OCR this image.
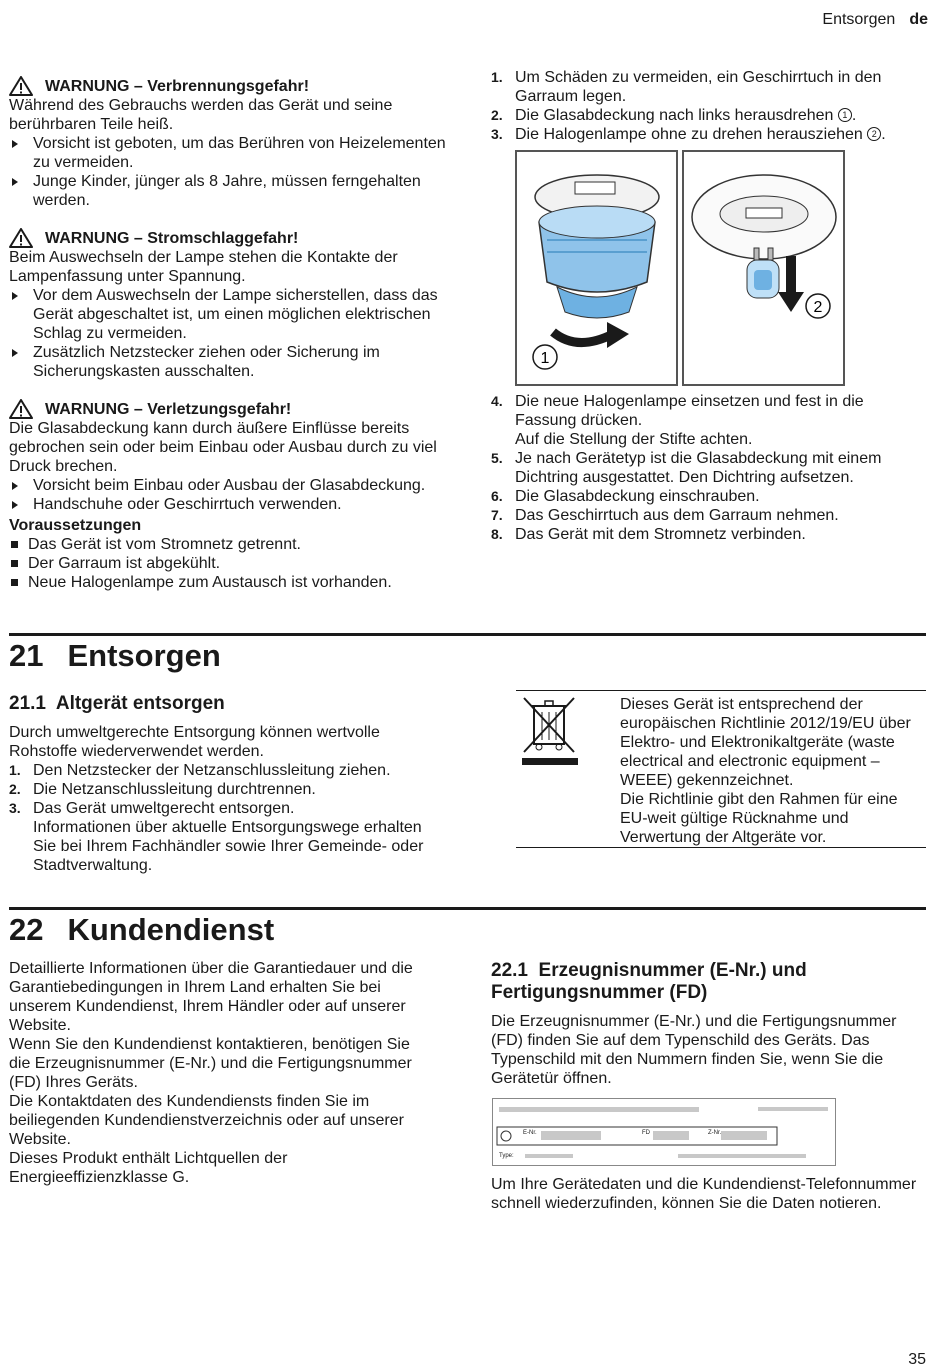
Entsorgen de

WARNUNG – Verbrennungsgefahr!

Während des Gebrauchs werden das Gerät und seine berührbaren Teile heiß.

Vorsicht ist geboten, um das Berühren von Heizelementen zu vermeiden.
Junge Kinder, jünger als 8 Jahre, müssen ferngehalten werden.

WARNUNG – Stromschlaggefahr!

Beim Auswechseln der Lampe stehen die Kontakte der Lampenfassung unter Spannung.

Vor dem Auswechseln der Lampe sicherstellen, dass das Gerät abgeschaltet ist, um einen möglichen elektrischen Schlag zu vermeiden.
Zusätzlich Netzstecker ziehen oder Sicherung im Sicherungskasten ausschalten.

WARNUNG – Verletzungsgefahr!

Die Glasabdeckung kann durch äußere Einflüsse bereits gebrochen sein oder beim Einbau oder Ausbau durch zu viel Druck brechen.

Vorsicht beim Einbau oder Ausbau der Glasabdeckung.
Handschuhe oder Geschirrtuch verwenden.

Voraussetzungen

Das Gerät ist vom Stromnetz getrennt.
Der Garraum ist abgekühlt.
Neue Halogenlampe zum Austausch ist vorhanden.
1. Um Schäden zu vermeiden, ein Geschirrtuch in den Garraum legen.
2. Die Glasabdeckung nach links herausdrehen 1 .
3. Die Halogenlampe ohne zu drehen herausziehen 2 .
1
2
4. Die neue Halogenlampe einsetzen und fest in die Fassung drücken.
Auf die Stellung der Stifte achten.
5. Je nach Gerätetyp ist die Glasabdeckung mit einem Dichtring ausgestattet. Den Dichtring aufsetzen.
6. Die Glasabdeckung einschrauben.
7. Das Geschirrtuch aus dem Garraum nehmen.
8. Das Gerät mit dem Stromnetz verbinden.
21 Entsorgen

21.1 Altgerät entsorgen

Durch umweltgerechte Entsorgung können wertvolle Rohstoffe wiederverwendet werden.

1. Den Netzstecker der Netzanschlussleitung ziehen.
2. Die Netzanschlussleitung durchtrennen.
3. Das Gerät umweltgerecht entsorgen.
Informationen über aktuelle Entsorgungswege erhalten Sie bei Ihrem Fachhändler sowie Ihrer Gemeinde- oder Stadtverwaltung.

Dieses Gerät ist entsprechend der europäischen Richtlinie 2012/19/EU über Elektro- und Elektronikaltgeräte (waste electrical and electronic equipment – WEEE) gekennzeichnet.

Die Richtlinie gibt den Rahmen für eine EU-weit gültige Rücknahme und Verwertung der Altgeräte vor.

22 Kundendienst

Detaillierte Informationen über die Garantiedauer und die Garantiebedingungen in Ihrem Land erhalten Sie bei unserem Kundendienst, Ihrem Händler oder auf unserer Website.

Wenn Sie den Kundendienst kontaktieren, benötigen Sie die Erzeugnisnummer (E-Nr.) und die Fertigungsnummer (FD) Ihres Geräts.

Die Kontaktdaten des Kundendiensts finden Sie im beiliegenden Kundendienstverzeichnis oder auf unserer Website.

Dieses Produkt enthält Lichtquellen der Energieeffizienzklasse G.

22.1 Erzeugnisnummer (E-Nr.) und Fertigungsnummer (FD)

Die Erzeugnisnummer (E-Nr.) und die Fertigungsnummer (FD) finden Sie auf dem Typenschild des Geräts. Das Typenschild mit den Nummern finden Sie, wenn Sie die Gerätetür öffnen.

E-Nr.	FD	Z-Nr.
Type:

Um Ihre Gerätedaten und die Kundendienst-Telefonnummer schnell wiederzufinden, können Sie die Daten notieren.

35
